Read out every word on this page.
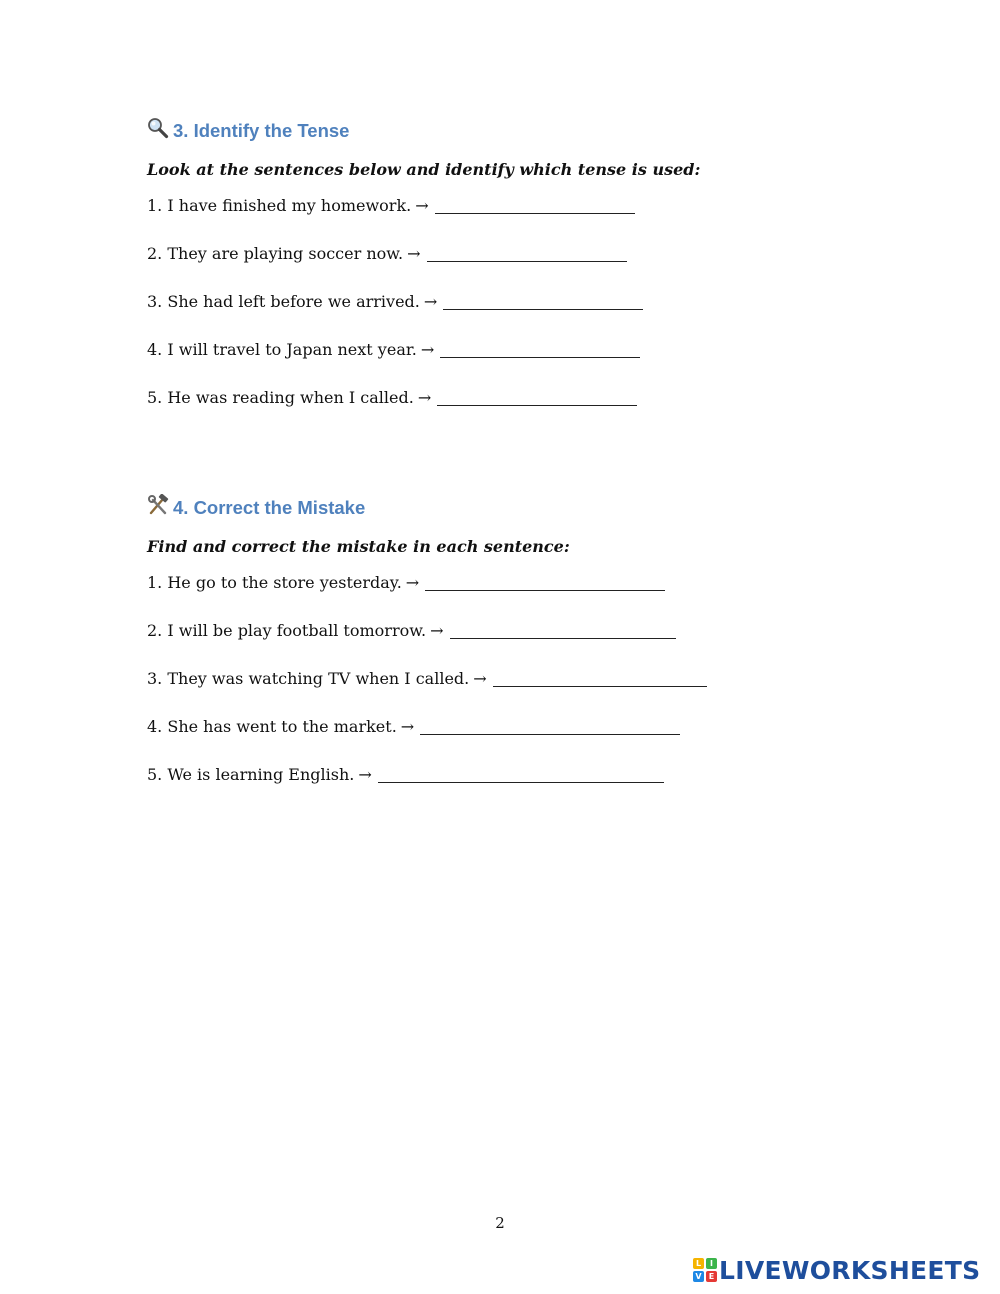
3. Identify the Tense
Look at the sentences below and identify which tense is used:
1. I have finished my homework. →
2. They are playing soccer now. →
3. She had left before we arrived. →
4. I will travel to Japan next year. →
5. He was reading when I called. →
4. Correct the Mistake
Find and correct the mistake in each sentence:
1. He go to the store yesterday. →
2. I will be play football tomorrow. →
3. They was watching TV when I called. →
4. She has went to the market. →
5. We is learning English. →
2
L	I
V E LIVEWORKSHEETS
